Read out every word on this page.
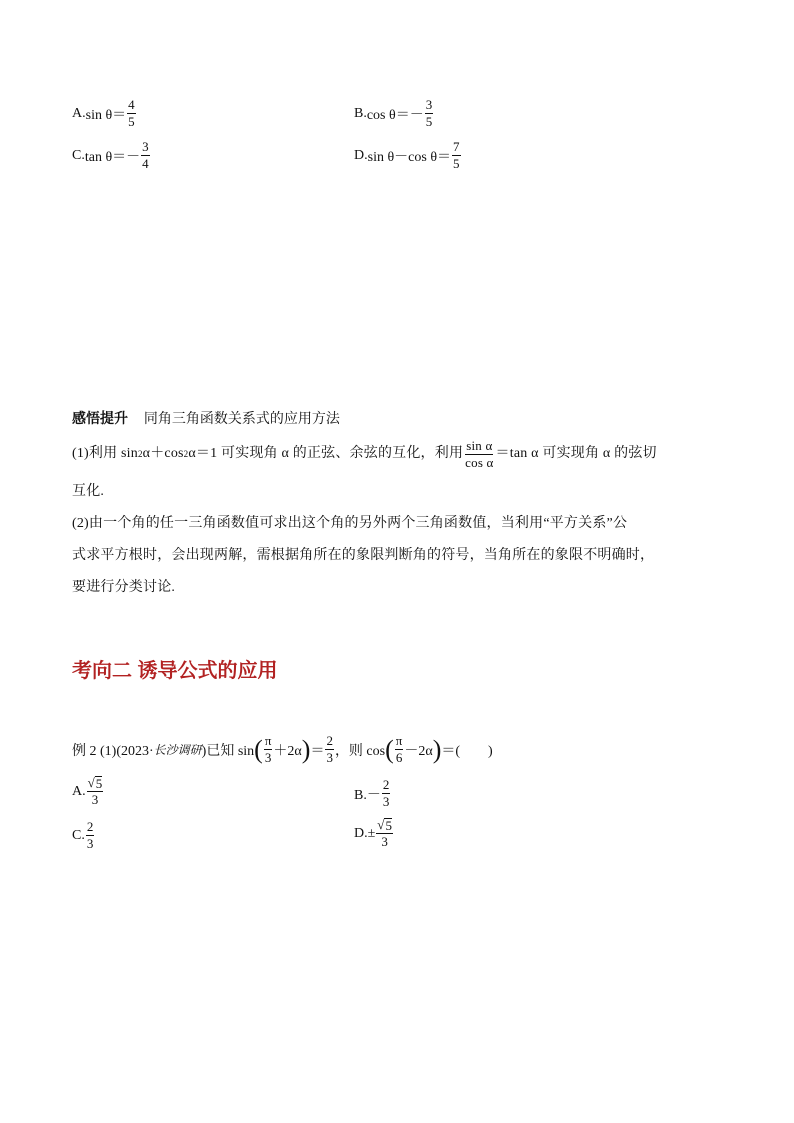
A. $\sin \theta= \frac{4}{5}$	B. $\cos \theta=- \frac{3}{5}$
C. $\tan \theta=- \frac{3}{4}$	D. sin θ－cos $\theta= \frac{7}{5}$
感悟提升 同角三角函数关系式的应用方法
(1)利用 sin 2 α＋cos 2 α＝1 可实现角 α 的正弦、余弦的互化，利用 $\frac{\text{sin α}}{\text{cos α}} =\tan$ α 可实现角 α 的弦切
互化.
(2)由一个角的任一三角函数值可求出这个角的另外两个三角函数值，当利用“平方关系”公
式求平方根时，会出现两解，需根据角所在的象限判断角的符号，当角所在的象限不明确时，
要进行分类讨论.
考向二 诱导公式的应用
例 2 (1)(2023· 长沙调研 )已知 sin ( $\frac{\pi}{3} +2\alpha$ ) ＝ $\frac{2}{3}$ ，则 cos ( $\frac{\pi}{6} -2\alpha$ ) ＝(　　)
A. $\frac{√ 5}{3}$	$B.- \frac{2}{3}$
C. $\frac{2}{3}$	$D.\pm \frac{√ 5}{3}$
